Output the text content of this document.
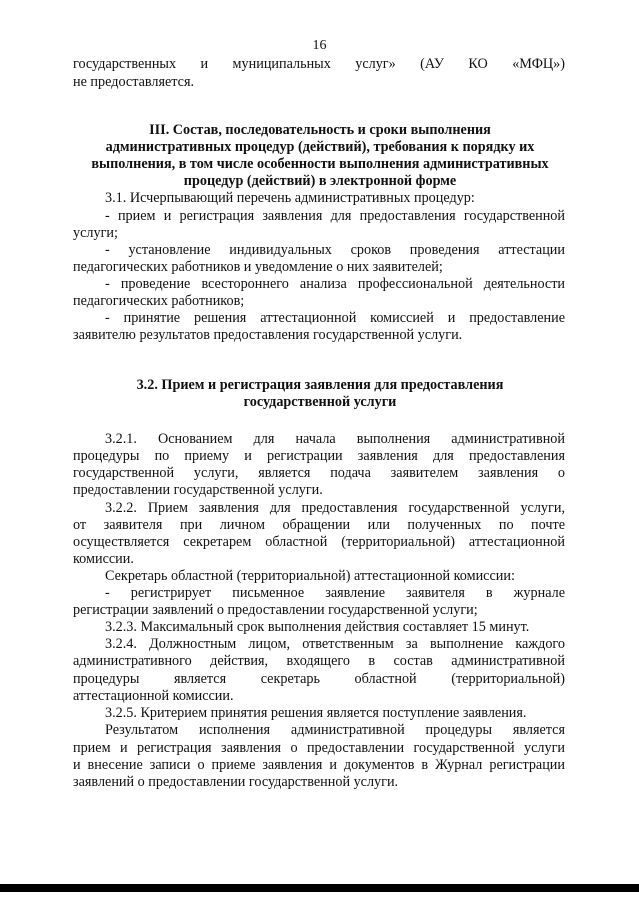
16
государственных и муниципальных услуг» (АУ КО «МФЦ»)
не предоставляется.
III. Состав, последовательность и сроки выполнения
административных процедур (действий), требования к порядку их
выполнения, в том числе особенности выполнения административных
процедур (действий) в электронной форме
3.1. Исчерпывающий перечень административных процедур:
- прием и регистрация заявления для предоставления государственной
услуги;
- установление индивидуальных сроков проведения аттестации
педагогических работников и уведомление о них заявителей;
- проведение всестороннего анализа профессиональной деятельности
педагогических работников;
- принятие решения аттестационной комиссией и предоставление
заявителю результатов предоставления государственной услуги.
3.2. Прием и регистрация заявления для предоставления
государственной услуги
3.2.1. Основанием для начала выполнения административной
процедуры по приему и регистрации заявления для предоставления
государственной услуги, является подача заявителем заявления о
предоставлении государственной услуги.
3.2.2. Прием заявления для предоставления государственной услуги,
от заявителя при личном обращении или полученных по почте
осуществляется секретарем областной (территориальной) аттестационной
комиссии.
Секретарь областной (территориальной) аттестационной комиссии:
- регистрирует письменное заявление заявителя в журнале
регистрации заявлений о предоставлении государственной услуги;
3.2.3. Максимальный срок выполнения действия составляет 15 минут.
3.2.4. Должностным лицом, ответственным за выполнение каждого
административного действия, входящего в состав административной
процедуры является секретарь областной (территориальной)
аттестационной комиссии.
3.2.5. Критерием принятия решения является поступление заявления.
Результатом исполнения административной процедуры является
прием и регистрация заявления о предоставлении государственной услуги
и внесение записи о приеме заявления и документов в Журнал регистрации
заявлений о предоставлении государственной услуги.
